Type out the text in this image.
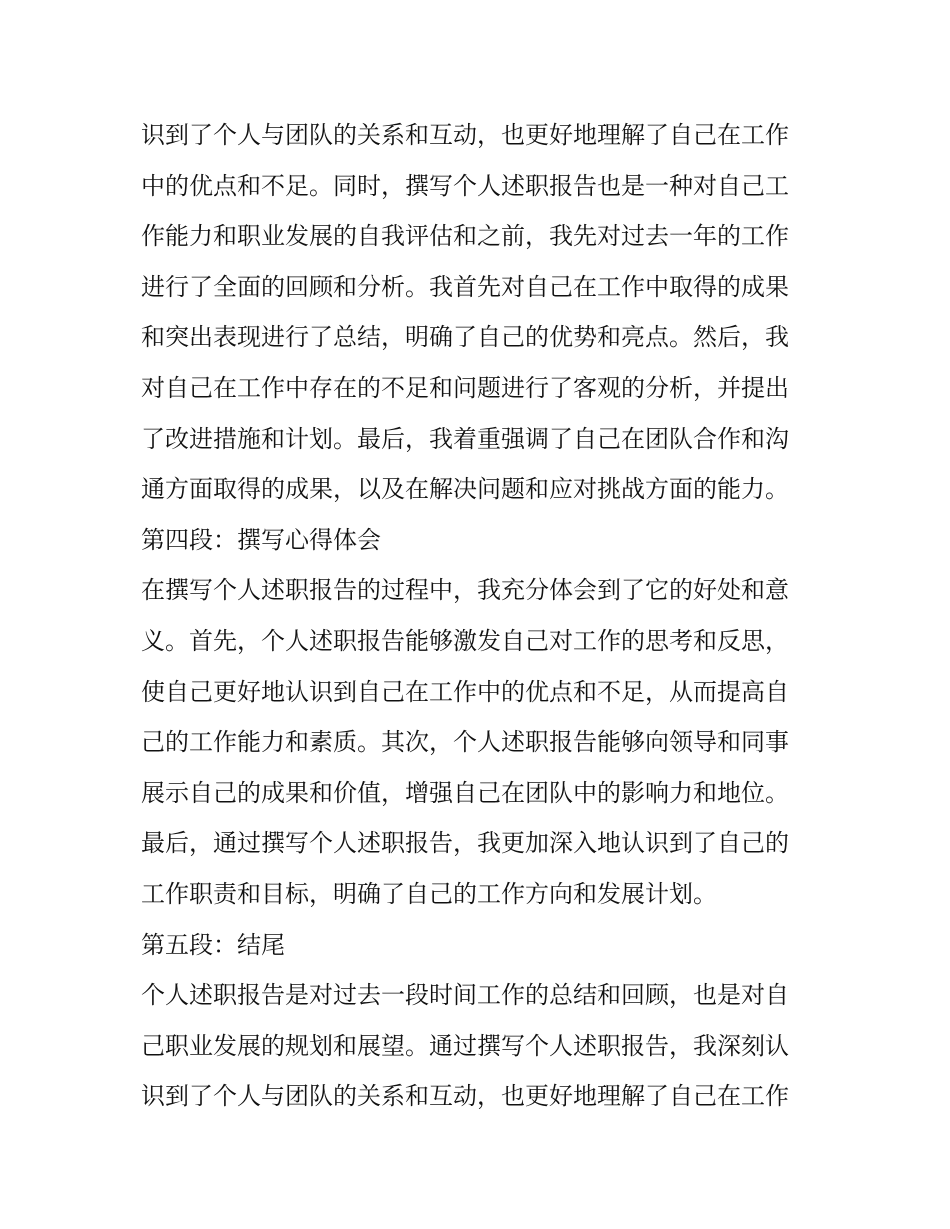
识到了个人与团队的关系和互动，也更好地理解了自己在工作
中的优点和不足。同时，撰写个人述职报告也是一种对自己工
作能力和职业发展的自我评估和之前，我先对过去一年的工作
进行了全面的回顾和分析。我首先对自己在工作中取得的成果
和突出表现进行了总结，明确了自己的优势和亮点。然后，我
对自己在工作中存在的不足和问题进行了客观的分析，并提出
了改进措施和计划。最后，我着重强调了自己在团队合作和沟
通方面取得的成果，以及在解决问题和应对挑战方面的能力。
第四段：撰写心得体会
在撰写个人述职报告的过程中，我充分体会到了它的好处和意
义。首先，个人述职报告能够激发自己对工作的思考和反思，
使自己更好地认识到自己在工作中的优点和不足，从而提高自
己的工作能力和素质。其次，个人述职报告能够向领导和同事
展示自己的成果和价值，增强自己在团队中的影响力和地位。
最后，通过撰写个人述职报告，我更加深入地认识到了自己的
工作职责和目标，明确了自己的工作方向和发展计划。
第五段：结尾
个人述职报告是对过去一段时间工作的总结和回顾，也是对自
己职业发展的规划和展望。通过撰写个人述职报告，我深刻认
识到了个人与团队的关系和互动，也更好地理解了自己在工作
